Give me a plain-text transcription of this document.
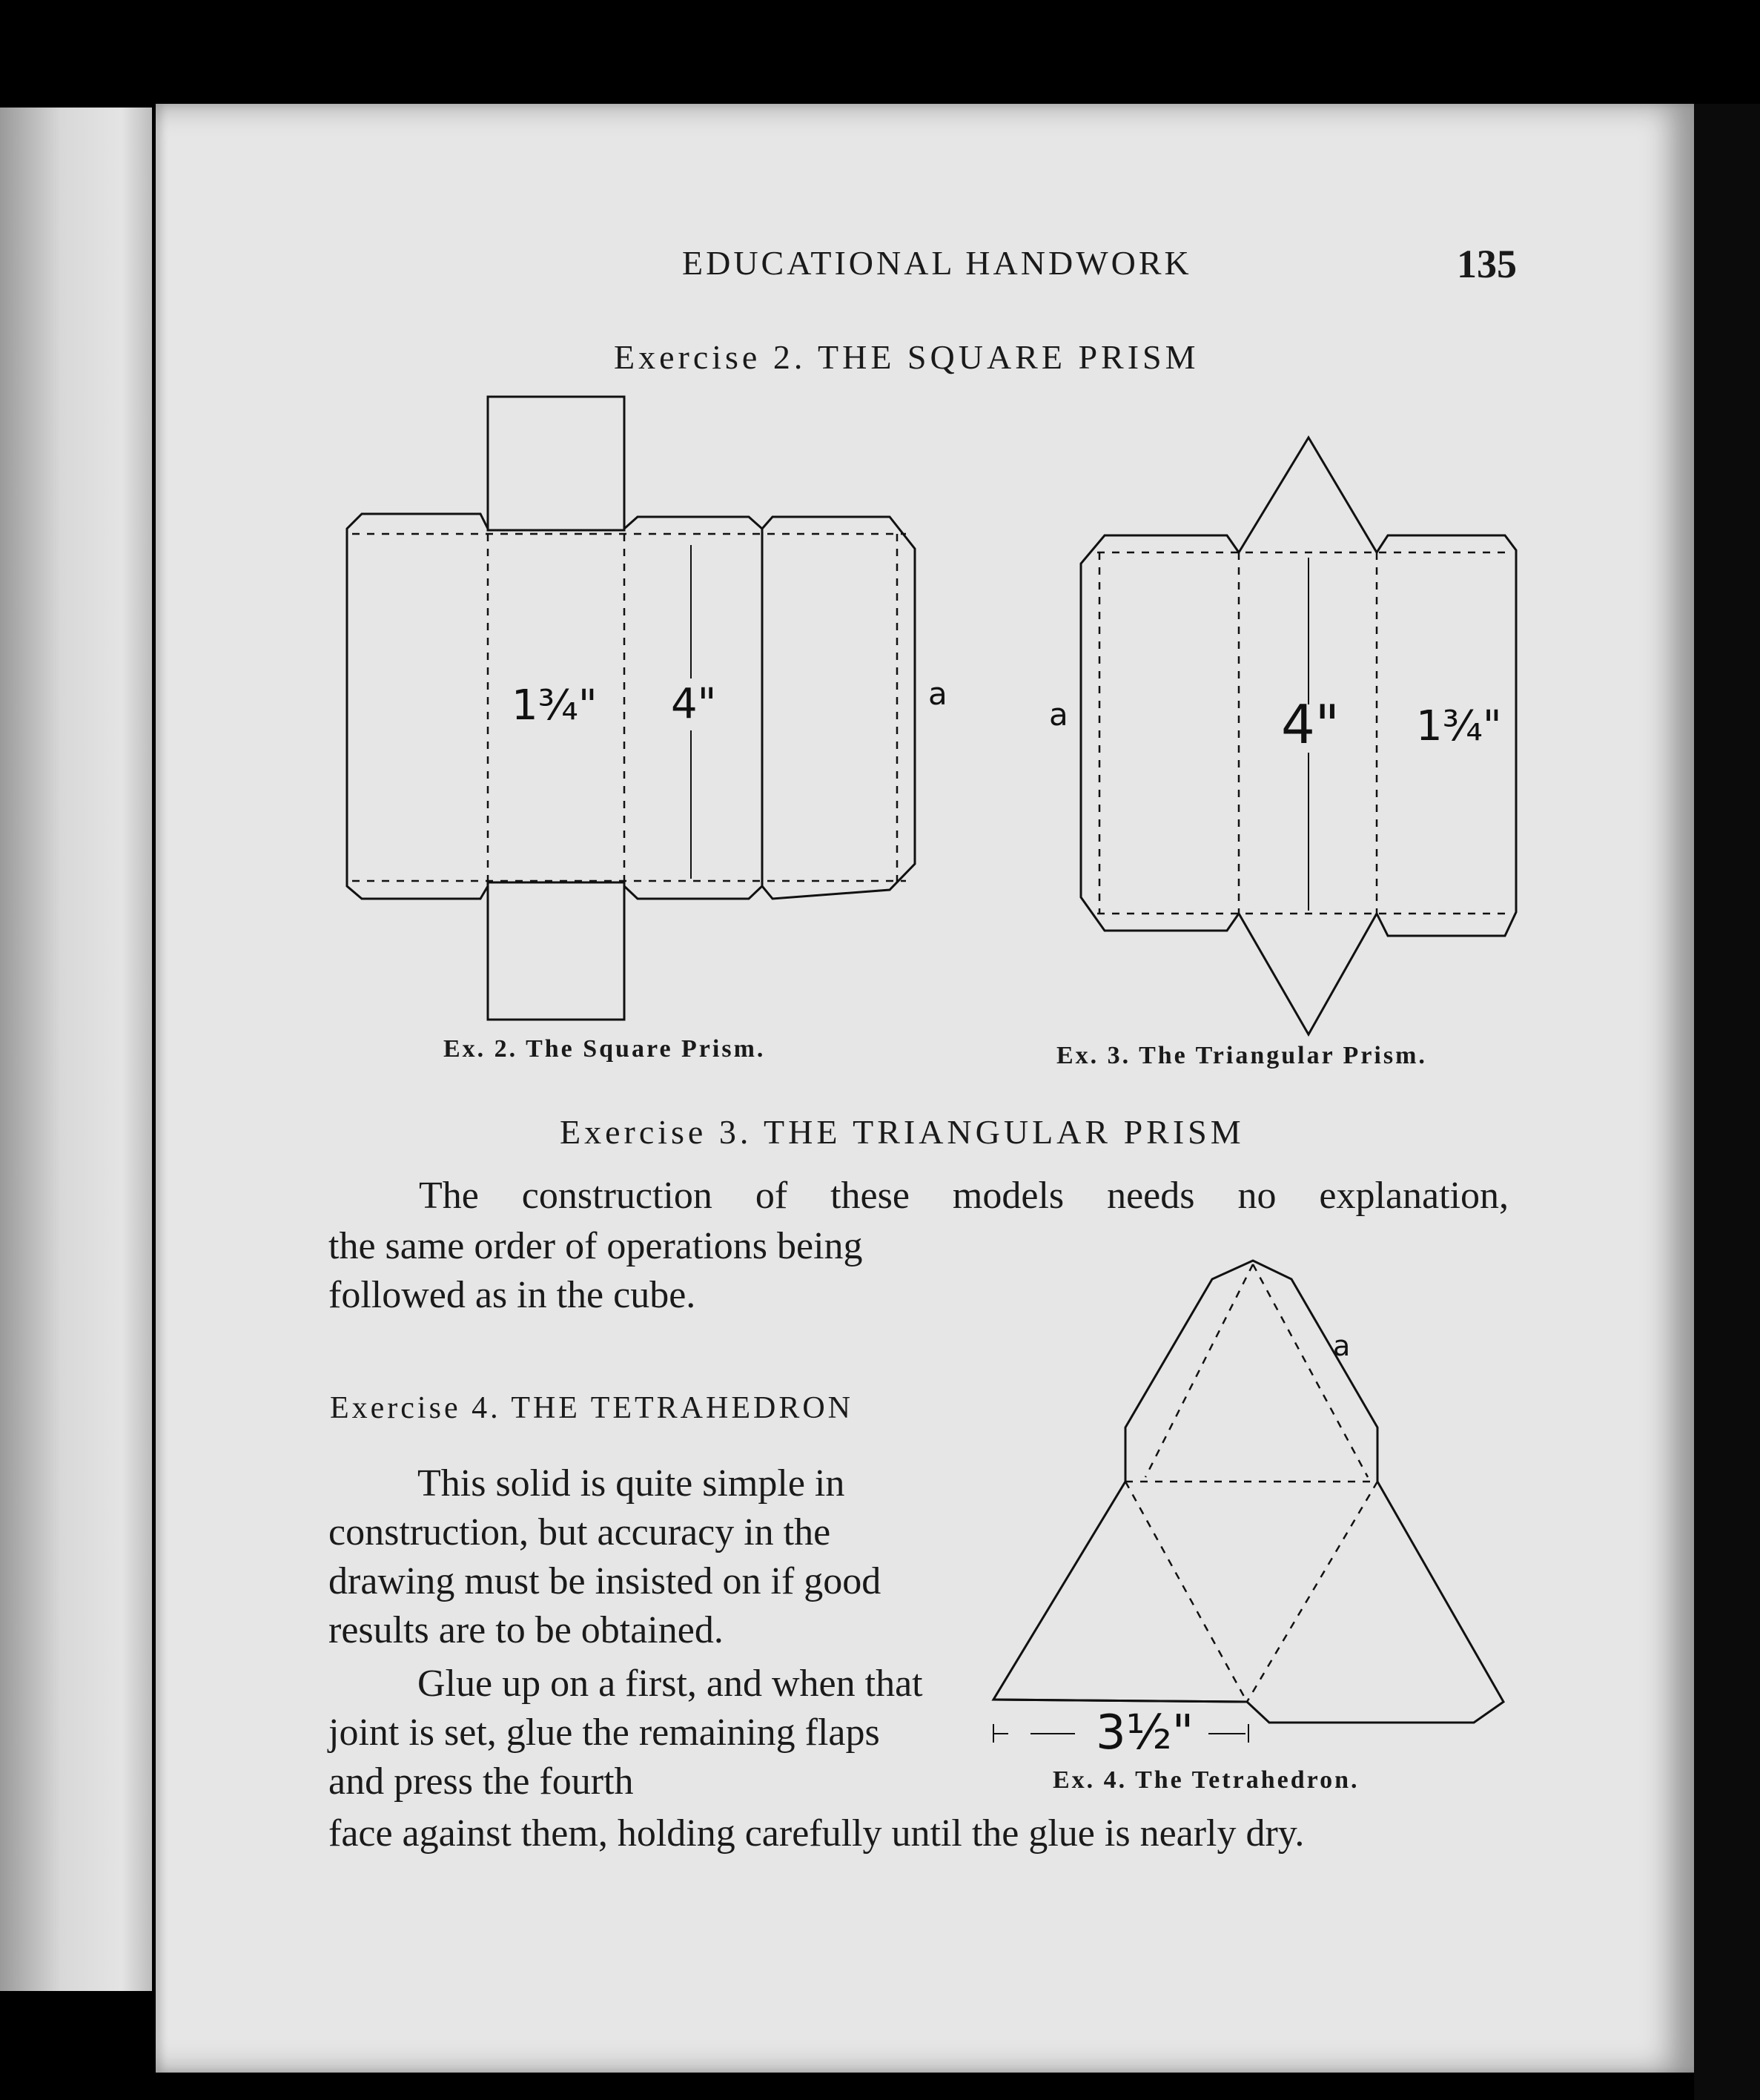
EDUCATIONAL HANDWORK	135
Exercise 2. THE SQUARE PRISM
1¾" 4"	a	4" 1¾"
a
3½"
a
Ex. 2. The Square Prism.	Ex. 3. The Triangular Prism.
Exercise 3. THE TRIANGULAR PRISM
The construction of these models needs no explanation,
the same order of operations being followed as in the cube.
Exercise 4. THE TETRAHEDRON
This solid is quite simple in construction, but accuracy in the drawing must be insisted on if good results are to be obtained.
Glue up on a first, and when that joint is set, glue the remaining flaps and press the fourth	Ex. 4. The Tetrahedron.
face against them, holding carefully until the glue is nearly dry.
